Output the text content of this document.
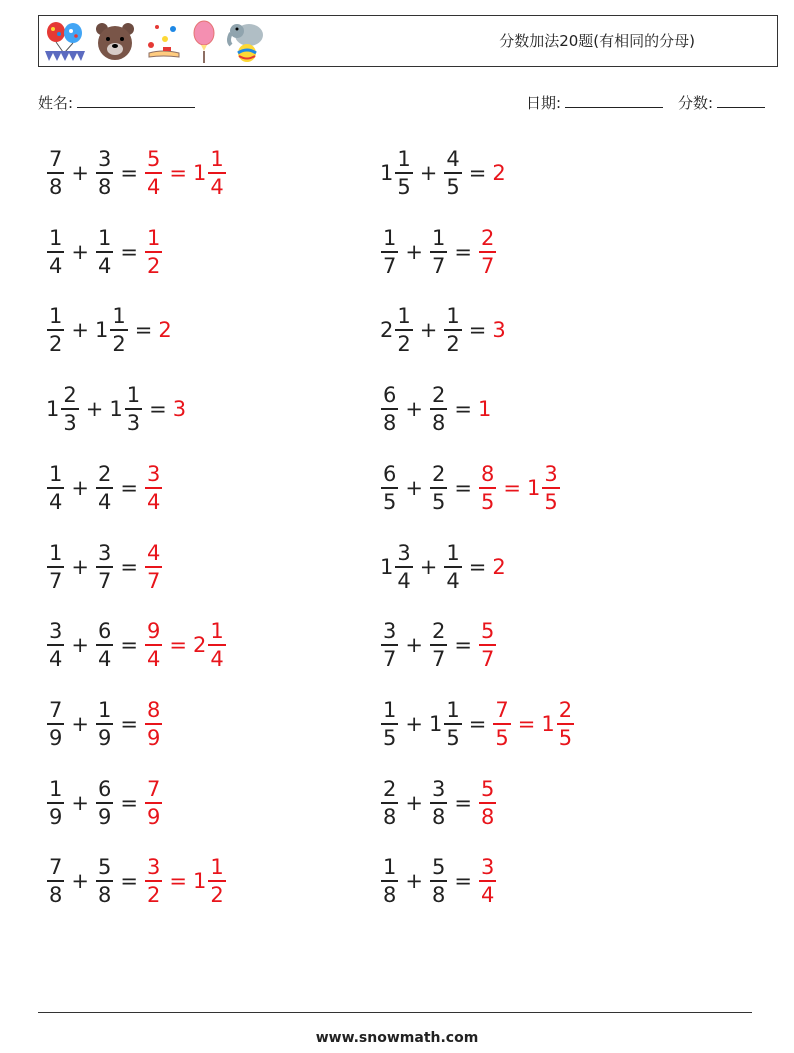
分数加法20题(有相同的分母)
姓名:	日期:	分数:
$\frac{7}{8} + \frac{3}{8} = \frac{5}{4} = 1 \frac{1}{4}$	$1 \frac{1}{5} + \frac{4}{5} = 2$
$\frac{1}{4} + \frac{1}{4} = \frac{1}{2}$	$\frac{1}{7} + \frac{1}{7} = \frac{2}{7}$
$\frac{1}{2} + 1 \frac{1}{2} = 2$	$2 \frac{1}{2} + \frac{1}{2} = 3$
$1 \frac{2}{3} + 1 \frac{1}{3} = 3$	$\frac{6}{8} + \frac{2}{8} = 1$
$\frac{1}{4} + \frac{2}{4} = \frac{3}{4}$	$\frac{6}{5} + \frac{2}{5} = \frac{8}{5} = 1 \frac{3}{5}$
$\frac{1}{7} + \frac{3}{7} = \frac{4}{7}$	$1 \frac{3}{4} + \frac{1}{4} = 2$
$\frac{3}{4} + \frac{6}{4} = \frac{9}{4} = 2 \frac{1}{4}$	$\frac{3}{7} + \frac{2}{7} = \frac{5}{7}$
$\frac{7}{9} + \frac{1}{9} = \frac{8}{9}$	$\frac{1}{5} + 1 \frac{1}{5} = \frac{7}{5} = 1 \frac{2}{5}$
$\frac{1}{9} + \frac{6}{9} = \frac{7}{9}$	$\frac{2}{8} + \frac{3}{8} = \frac{5}{8}$
$\frac{7}{8} + \frac{5}{8} = \frac{3}{2} = 1 \frac{1}{2}$	$\frac{1}{8} + \frac{5}{8} = \frac{3}{4}$
www.snowmath.com
